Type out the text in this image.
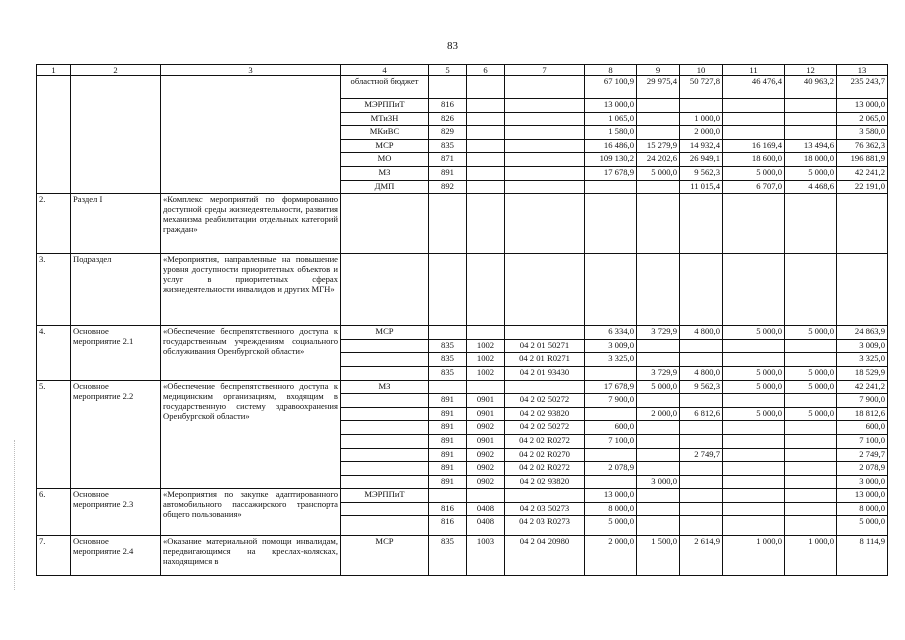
83
1	2	3	4	5	6	7	8	9	10	11	12	13
			областной бюджет				67 100,9	29 975,4	50 727,8	46 476,4	40 963,2	235 243,7
			МЭРППиТ	816			13 000,0					13 000,0
			МТиЗН	826			1 065,0		1 000,0			2 065,0
			МКиВС	829			1 580,0		2 000,0			3 580,0
			МСР	835			16 486,0	15 279,9	14 932,4	16 169,4	13 494,6	76 362,3
			МО	871			109 130,2	24 202,6	26 949,1	18 600,0	18 000,0	196 881,9
			МЗ	891			17 678,9	5 000,0	9 562,3	5 000,0	5 000,0	42 241,2
			ДМП	892					11 015,4	6 707,0	4 468,6	22 191,0
2.	Раздел I	«Комплекс мероприятий по формированию доступной среды жизнедеятельности, развития механизма реабилитации отдельных категорий граждан»										
3.	Подраздел	«Мероприятия, направленные на повышение уровня доступности приоритетных объектов и услуг в приоритетных сферах жизнедеятельности инвалидов и других МГН»										
4.	Основное мероприятие 2.1	«Обеспечение беспрепятственного доступа к государственным учреждениям социального обслуживания Оренбургской области»	МСР				6 334,0	3 729,9	4 800,0	5 000,0	5 000,0	24 863,9
				835	1002	04 2 01 50271	3 009,0					3 009,0
				835	1002	04 2 01 R0271	3 325,0					3 325,0
				835	1002	04 2 01 93430		3 729,9	4 800,0	5 000,0	5 000,0	18 529,9
5.	Основное мероприятие 2.2	«Обеспечение беспрепятственного доступа к медицинским организациям, входящим в государственную систему здравоохранения Оренбургской области»	МЗ				17 678,9	5 000,0	9 562,3	5 000,0	5 000,0	42 241,2
				891	0901	04 2 02 50272	7 900,0					7 900,0
				891	0901	04 2 02 93820		2 000,0	6 812,6	5 000,0	5 000,0	18 812,6
				891	0902	04 2 02 50272	600,0					600,0
				891	0901	04 2 02 R0272	7 100,0					7 100,0
				891	0902	04 2 02 R0270			2 749,7			2 749,7
				891	0902	04 2 02 R0272	2 078,9					2 078,9
				891	0902	04 2 02 93820		3 000,0				3 000,0
6.	Основное мероприятие 2.3	«Мероприятия по закупке адаптированного автомобильного пассажирского транспорта общего пользования»	МЭРППиТ				13 000,0					13 000,0
				816	0408	04 2 03 50273	8 000,0					8 000,0
				816	0408	04 2 03 R0273	5 000,0					5 000,0
7.	Основное мероприятие 2.4	«Оказание материальной помощи инвалидам, передвигающимся на креслах-колясках, находящимся в	МСР	835	1003	04 2 04 20980	2 000,0	1 500,0	2 614,9	1 000,0	1 000,0	8 114,9
